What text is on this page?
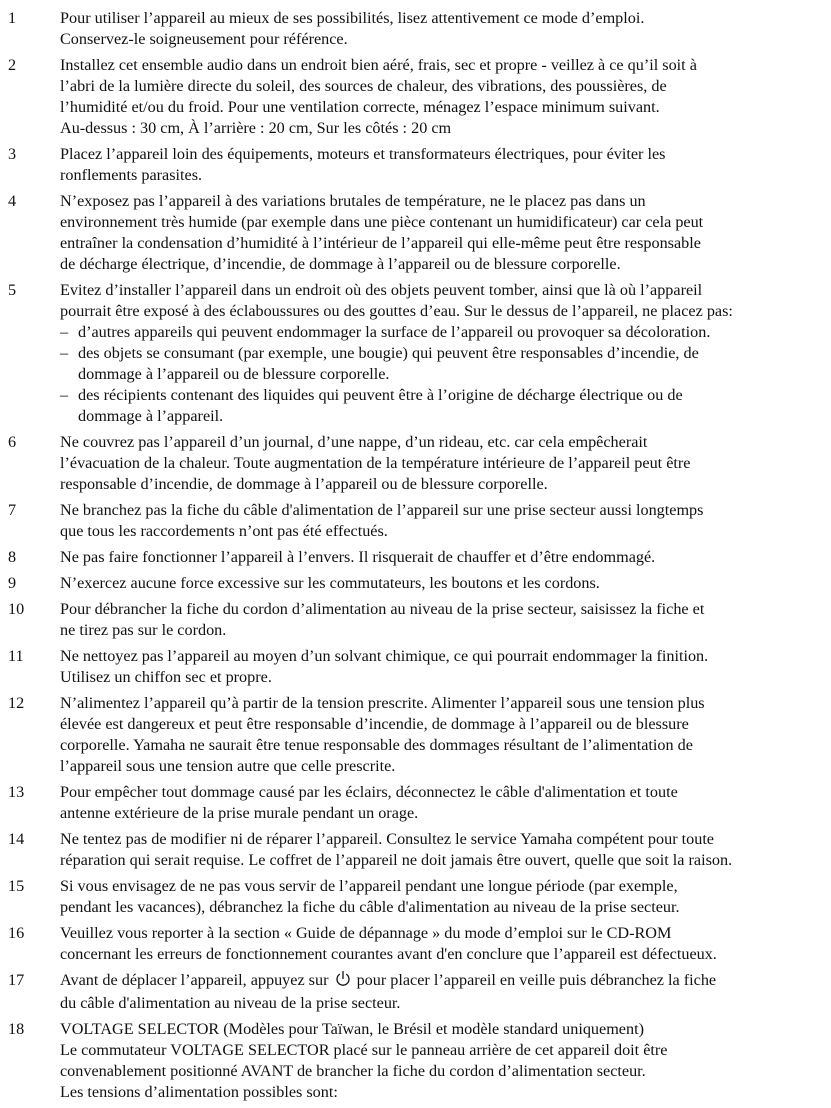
1	Pour utiliser l’appareil au mieux de ses possibilités, lisez attentivement ce mode d’emploi.
Conservez-le soigneusement pour référence.
2	Installez cet ensemble audio dans un endroit bien aéré, frais, sec et propre - veillez à ce qu’il soit à
l’abri de la lumière directe du soleil, des sources de chaleur, des vibrations, des poussières, de
l’humidité et/ou du froid. Pour une ventilation correcte, ménagez l’espace minimum suivant.
Au-dessus : 30 cm, À l’arrière : 20 cm, Sur les côtés : 20 cm
3	Placez l’appareil loin des équipements, moteurs et transformateurs électriques, pour éviter les
ronflements parasites.
4	N’exposez pas l’appareil à des variations brutales de température, ne le placez pas dans un
environnement très humide (par exemple dans une pièce contenant un humidificateur) car cela peut
entraîner la condensation d’humidité à l’intérieur de l’appareil qui elle-même peut être responsable
de décharge électrique, d’incendie, de dommage à l’appareil ou de blessure corporelle.
5	Evitez d’installer l’appareil dans un endroit où des objets peuvent tomber, ainsi que là où l’appareil
pourrait être exposé à des éclaboussures ou des gouttes d’eau. Sur le dessus de l’appareil, ne placez pas:
– d’autres appareils qui peuvent endommager la surface de l’appareil ou provoquer sa décoloration.
– des objets se consumant (par exemple, une bougie) qui peuvent être responsables d’incendie, de
dommage à l’appareil ou de blessure corporelle.
– des récipients contenant des liquides qui peuvent être à l’origine de décharge électrique ou de
dommage à l’appareil.
6	Ne couvrez pas l’appareil d’un journal, d’une nappe, d’un rideau, etc. car cela empêcherait
l’évacuation de la chaleur. Toute augmentation de la température intérieure de l’appareil peut être
responsable d’incendie, de dommage à l’appareil ou de blessure corporelle.
7	Ne branchez pas la fiche du câble d'alimentation de l’appareil sur une prise secteur aussi longtemps
que tous les raccordements n’ont pas été effectués.
8	Ne pas faire fonctionner l’appareil à l’envers. Il risquerait de chauffer et d’être endommagé.
9	N’exercez aucune force excessive sur les commutateurs, les boutons et les cordons.
10 Pour débrancher la fiche du cordon d’alimentation au niveau de la prise secteur, saisissez la fiche et
ne tirez pas sur le cordon.
11 Ne nettoyez pas l’appareil au moyen d’un solvant chimique, ce qui pourrait endommager la finition.
Utilisez un chiffon sec et propre.
12 N’alimentez l’appareil qu’à partir de la tension prescrite. Alimenter l’appareil sous une tension plus
élevée est dangereux et peut être responsable d’incendie, de dommage à l’appareil ou de blessure
corporelle. Yamaha ne saurait être tenue responsable des dommages résultant de l’alimentation de
l’appareil sous une tension autre que celle prescrite.
13 Pour empêcher tout dommage causé par les éclairs, déconnectez le câble d'alimentation et toute
antenne extérieure de la prise murale pendant un orage.
14 Ne tentez pas de modifier ni de réparer l’appareil. Consultez le service Yamaha compétent pour toute
réparation qui serait requise. Le coffret de l’appareil ne doit jamais être ouvert, quelle que soit la raison.
15 Si vous envisagez de ne pas vous servir de l’appareil pendant une longue période (par exemple,
pendant les vacances), débranchez la fiche du câble d'alimentation au niveau de la prise secteur.
16 Veuillez vous reporter à la section « Guide de dépannage » du mode d’emploi sur le CD-ROM
concernant les erreurs de fonctionnement courantes avant d'en conclure que l’appareil est défectueux.
17 Avant de déplacer l’appareil, appuyez sur pour placer l’appareil en veille puis débranchez la fiche
du câble d'alimentation au niveau de la prise secteur.
18 VOLTAGE SELECTOR (Modèles pour Taïwan, le Brésil et modèle standard uniquement)
Le commutateur VOLTAGE SELECTOR placé sur le panneau arrière de cet appareil doit être
convenablement positionné AVANT de brancher la fiche du cordon d’alimentation secteur.
Les tensions d’alimentation possibles sont:
